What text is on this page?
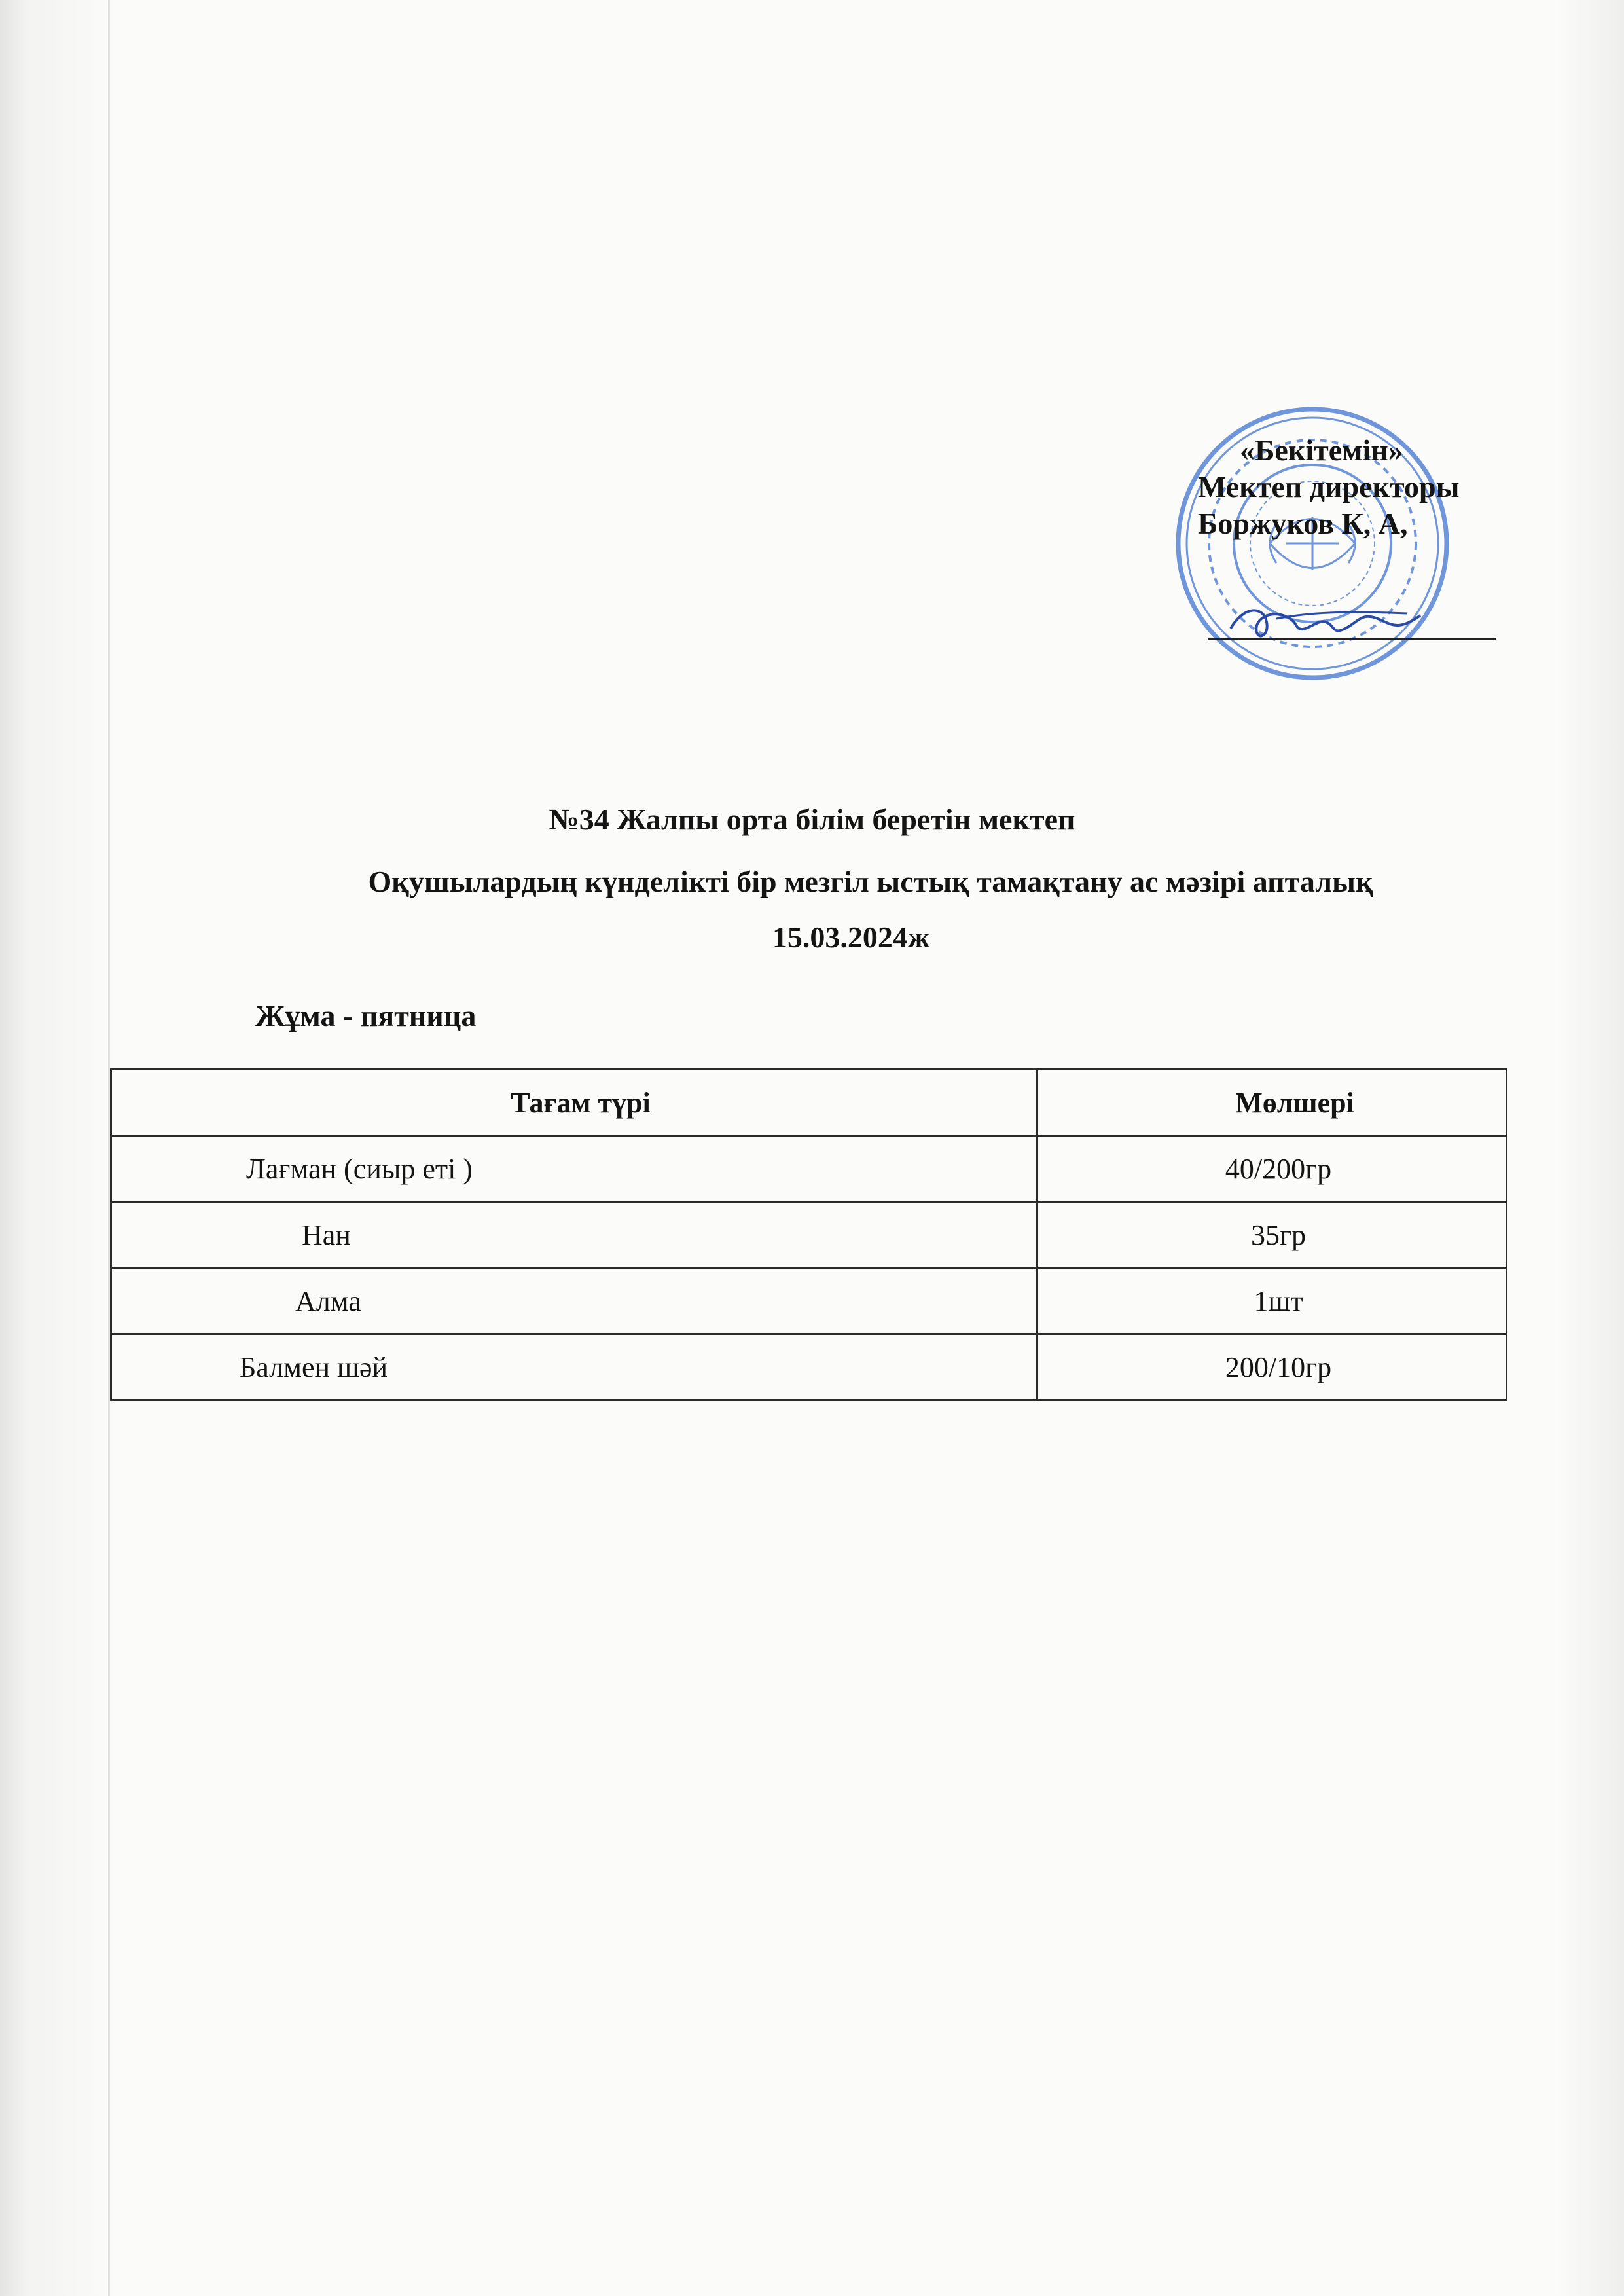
«Бекітемін»
Мектеп директоры
Боржуков К, А,
№34 Жалпы орта білім беретін мектеп
Оқушылардың күнделікті бір мезгіл ыстық тамақтану ас мәзірі апталық
15.03.2024ж
Жұма - пятница
Тағам түрі	Мөлшері
Лағман (сиыр еті )	40/200гр
Нан	35гр
Алма	1шт
Балмен шәй	200/10гр
